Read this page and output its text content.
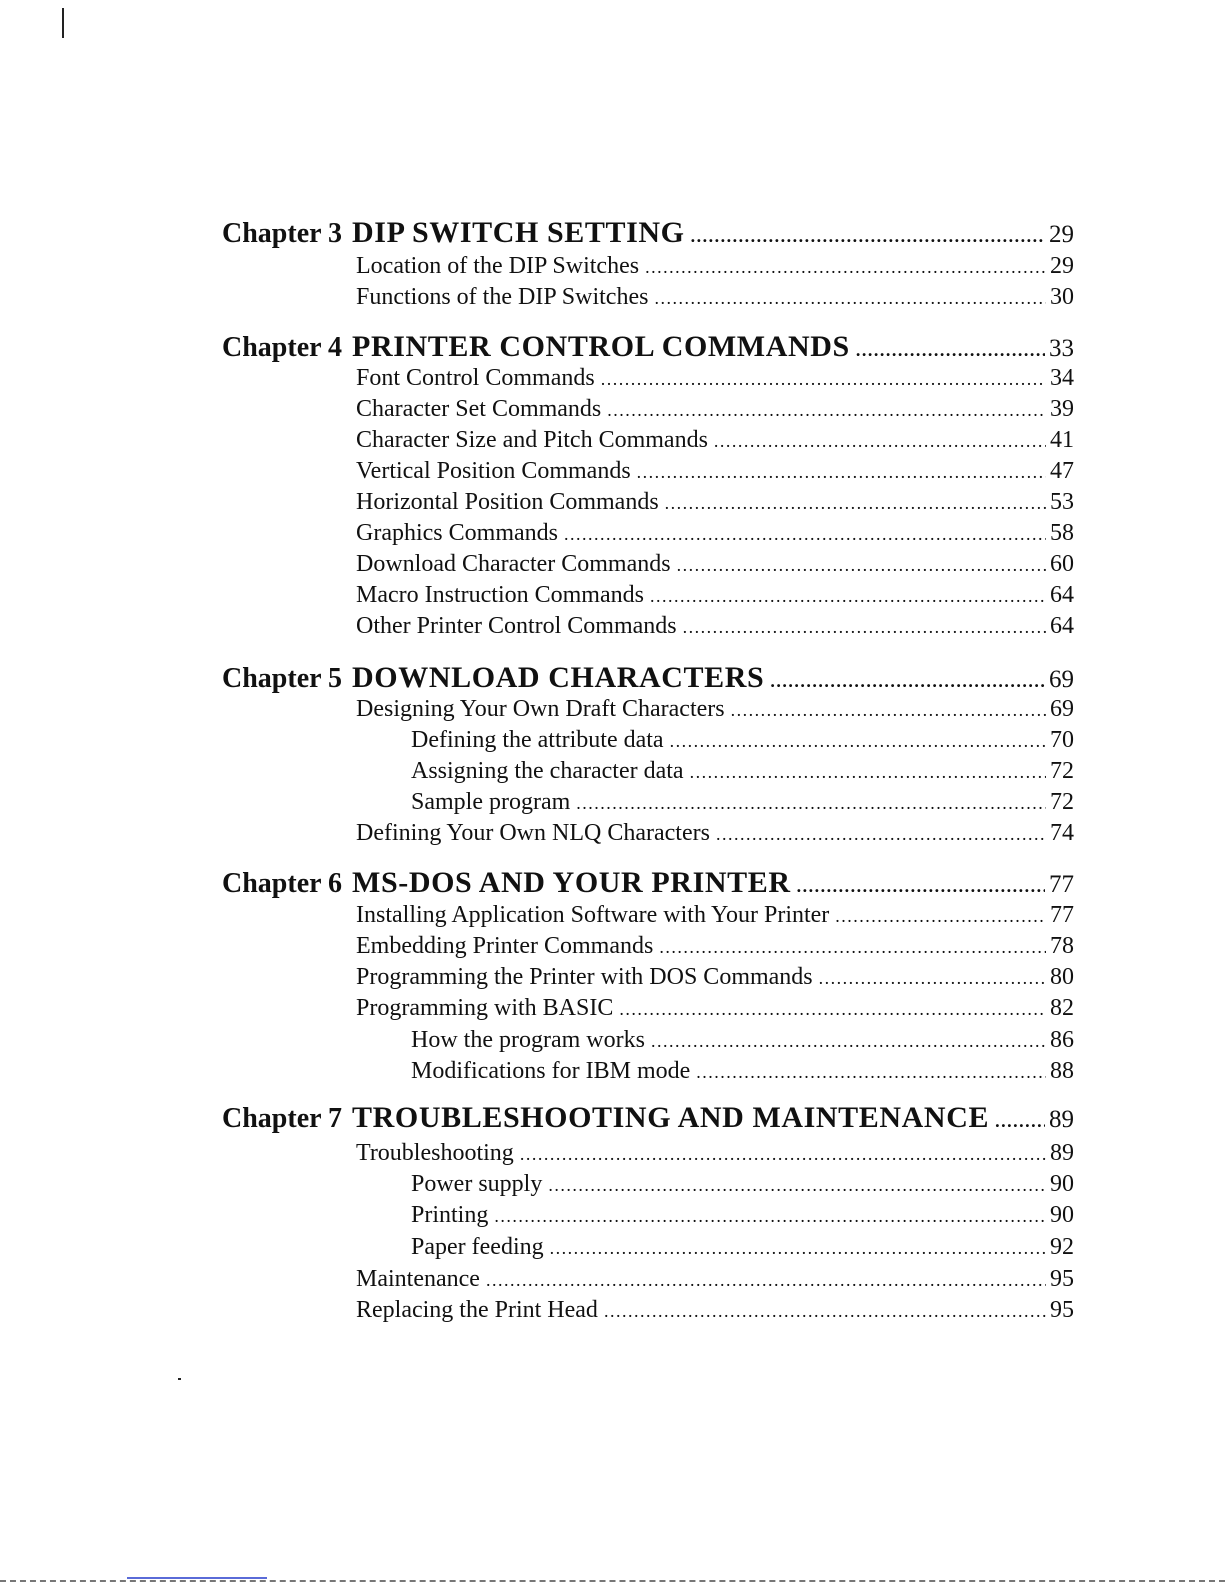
Chapter 3 DIP SWITCH SETTING .....	29
Location of the DIP Switches .....	29
Functions of the DIP Switches .....	30
Chapter 4 PRINTER CONTROL COMMANDS .....	33
Font Control Commands .....	34
Character Set Commands .....	39
Character Size and Pitch Commands .....	41
Vertical Position Commands .....	47
Horizontal Position Commands .....	53
Graphics Commands .....	58
Download Character Commands .....	60
Macro Instruction Commands .....	64
Other Printer Control Commands .....	64
Chapter 5 DOWNLOAD CHARACTERS .....	69
Designing Your Own Draft Characters .....	69
Defining the attribute data .....	70
Assigning the character data .....	72
Sample program .....	72
Defining Your Own NLQ Characters .....	74
Chapter 6 MS-DOS AND YOUR PRINTER .....	77
Installing Application Software with Your Printer .....	77
Embedding Printer Commands .....	78
Programming the Printer with DOS Commands .....	80
Programming with BASIC .....	82
How the program works .....	86
Modifications for IBM mode .....	88
Chapter 7 TROUBLESHOOTING AND MAINTENANCE ..... 89
Troubleshooting .....	89
Power supply .....	90
Printing .....	90
Paper feeding .....	92
Maintenance .....	95
Replacing the Print Head .....	95
